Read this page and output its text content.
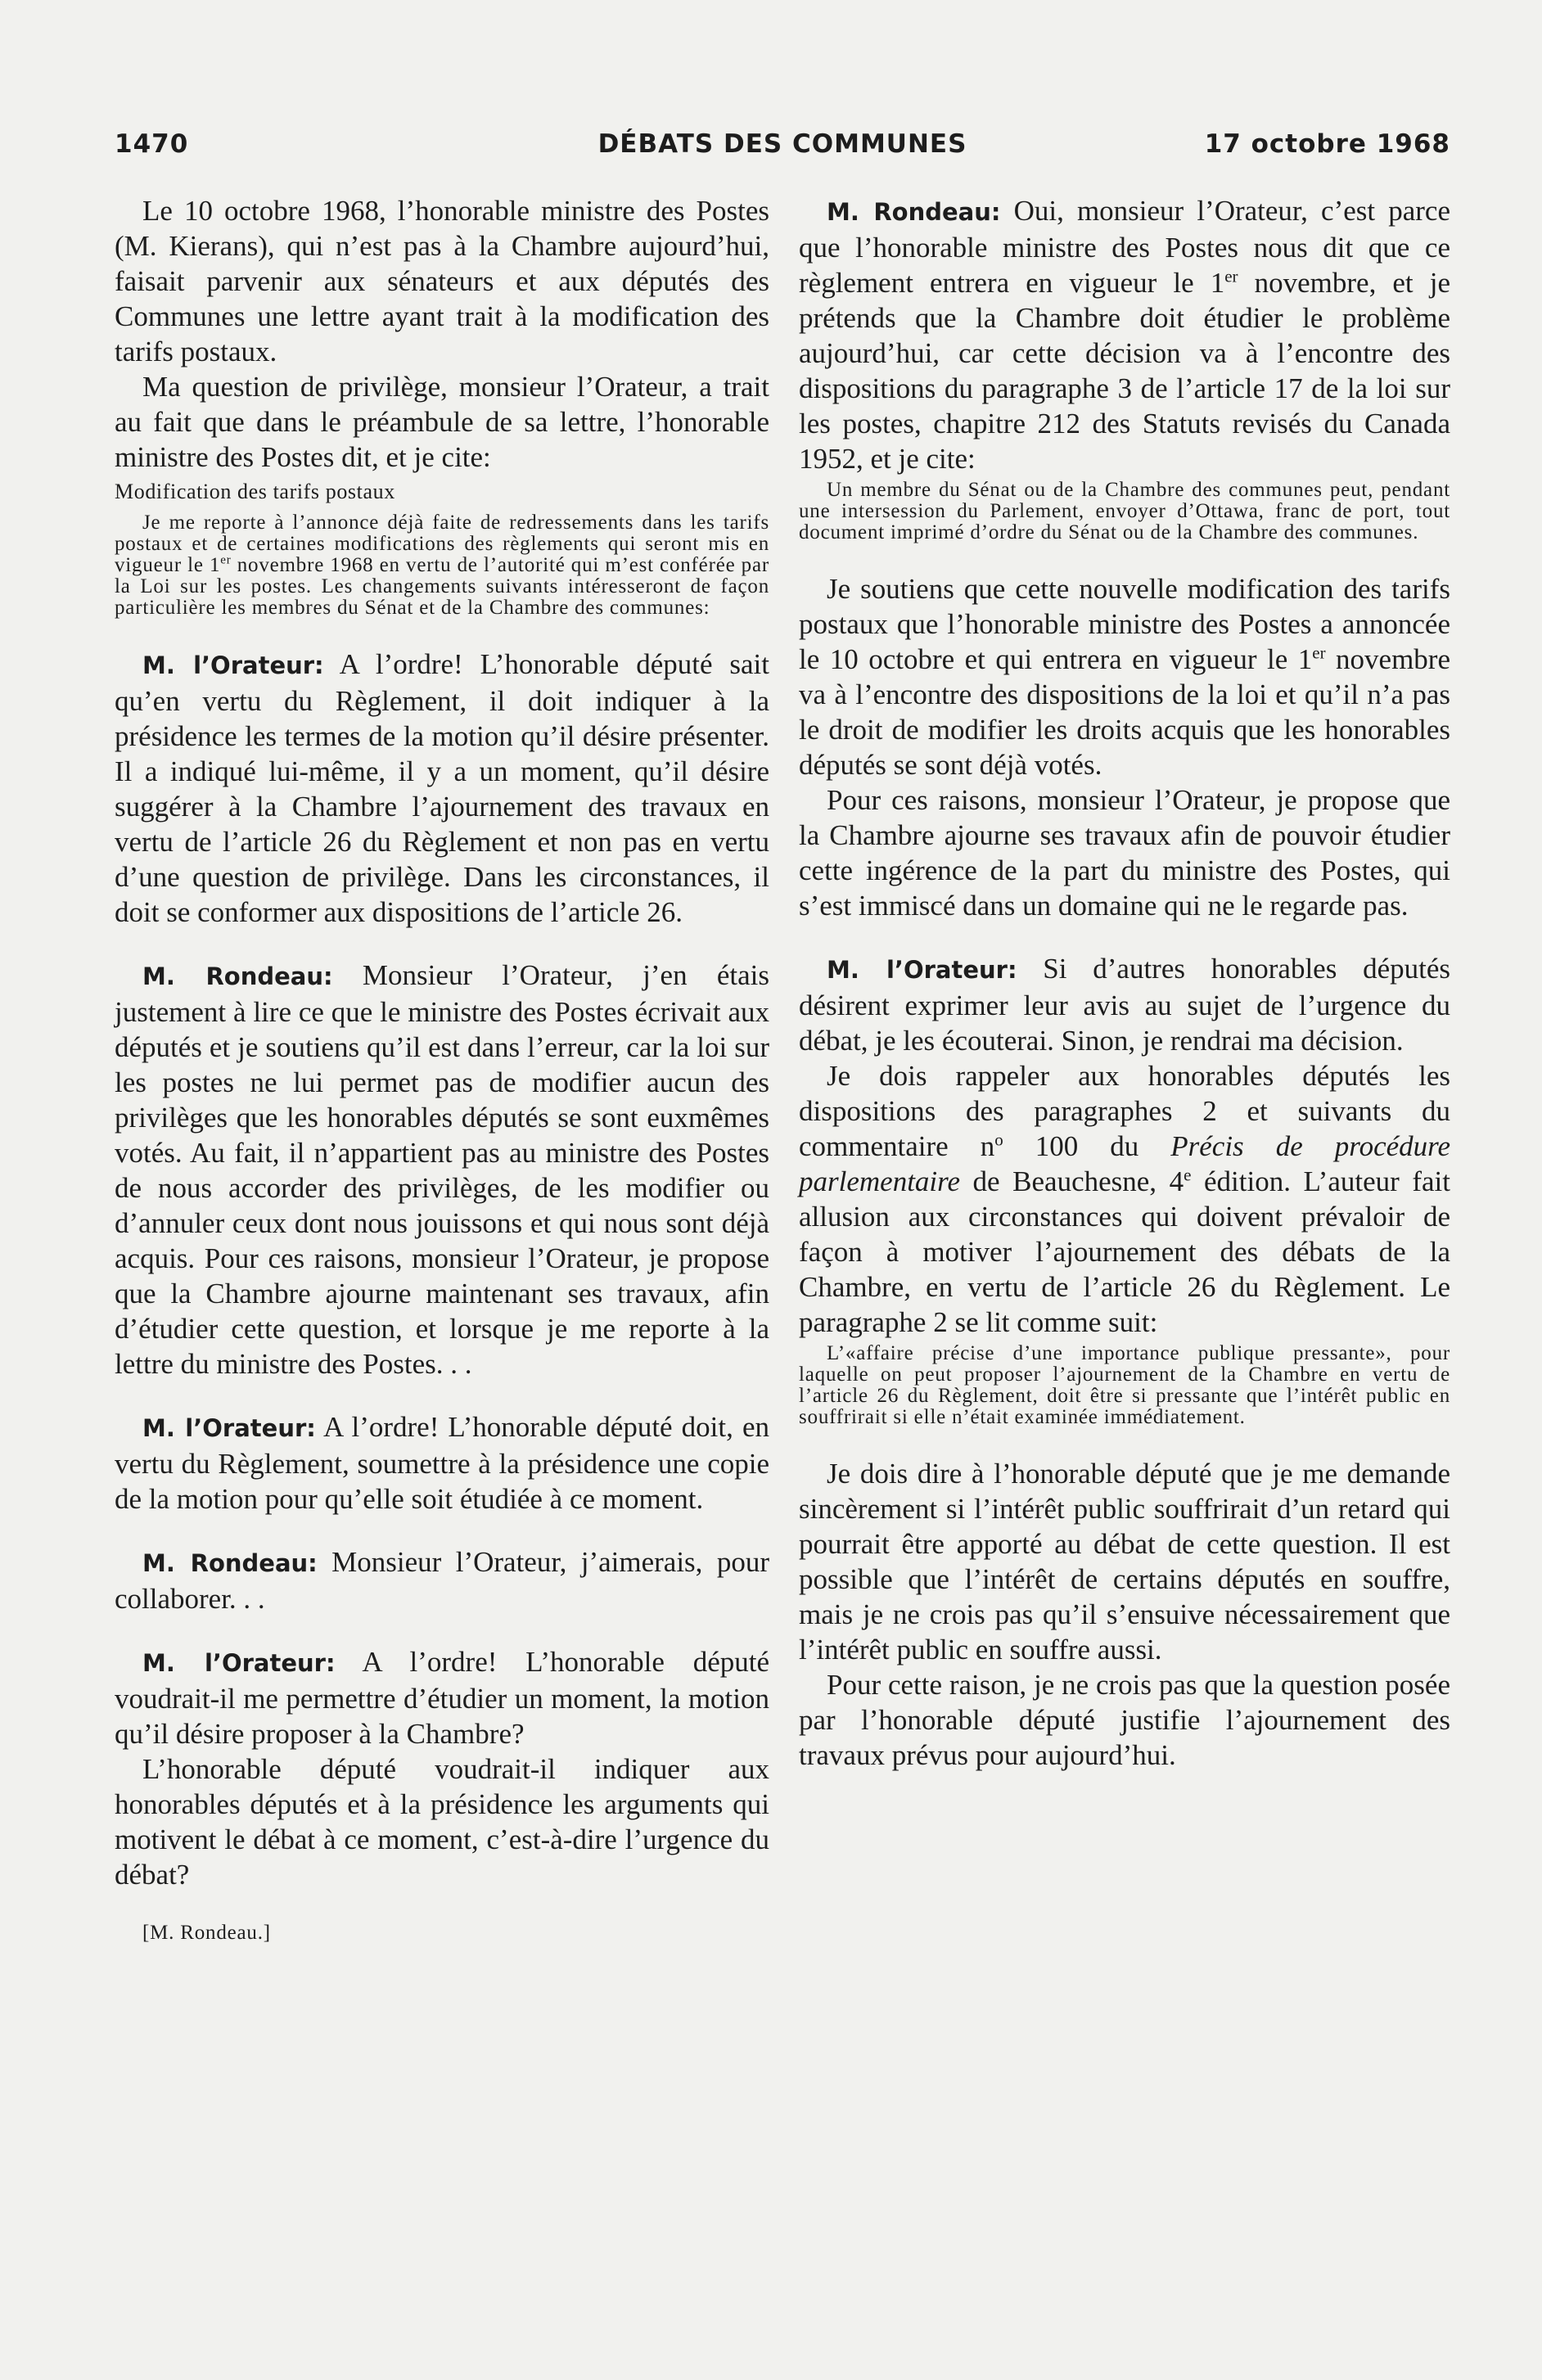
1470	DÉBATS DES COMMUNES	17 octobre 1968

Le 10 octobre 1968, l’honorable ministre des Postes (M. Kierans), qui n’est pas à la Chambre aujourd’hui, faisait parvenir aux sénateurs et aux députés des Communes une lettre ayant trait à la modification des tarifs postaux.

Ma question de privilège, monsieur l’Orateur, a trait au fait que dans le préambule de sa lettre, l’honorable ministre des Postes dit, et je cite:

Modification des tarifs postaux

Je me reporte à l’annonce déjà faite de redressements dans les tarifs postaux et de certaines modifications des règlements qui seront mis en vigueur le 1er novembre 1968 en vertu de l’autorité qui m’est conférée par la Loi sur les postes. Les changements suivants intéresseront de façon particulière les membres du Sénat et de la Chambre des communes:

M. l’Orateur: A l’ordre! L’honorable député sait qu’en vertu du Règlement, il doit indiquer à la présidence les termes de la motion qu’il désire présenter. Il a indiqué lui-même, il y a un moment, qu’il désire suggérer à la Chambre l’ajournement des travaux en vertu de l’article 26 du Règlement et non pas en vertu d’une question de privilège. Dans les circonstances, il doit se conformer aux dispositions de l’article 26.

M. Rondeau: Monsieur l’Orateur, j’en étais justement à lire ce que le ministre des Postes écrivait aux députés et je soutiens qu’il est dans l’erreur, car la loi sur les postes ne lui permet pas de modifier aucun des privilèges que les honorables députés se sont euxmêmes votés. Au fait, il n’appartient pas au ministre des Postes de nous accorder des privilèges, de les modifier ou d’annuler ceux dont nous jouissons et qui nous sont déjà acquis. Pour ces raisons, monsieur l’Orateur, je propose que la Chambre ajourne maintenant ses travaux, afin d’étudier cette question, et lorsque je me reporte à la lettre du ministre des Postes. . .

M. l’Orateur: A l’ordre! L’honorable député doit, en vertu du Règlement, soumettre à la présidence une copie de la motion pour qu’elle soit étudiée à ce moment.

M. Rondeau: Monsieur l’Orateur, j’aimerais, pour collaborer. . .

M. l’Orateur: A l’ordre! L’honorable député voudrait-il me permettre d’étudier un moment, la motion qu’il désire proposer à la Chambre?

L’honorable député voudrait-il indiquer aux honorables députés et à la présidence les arguments qui motivent le débat à ce moment, c’est-à-dire l’urgence du débat?

[M. Rondeau.]

M. Rondeau: Oui, monsieur l’Orateur, c’est parce que l’honorable ministre des Postes nous dit que ce règlement entrera en vigueur le 1er novembre, et je prétends que la Chambre doit étudier le problème aujourd’hui, car cette décision va à l’encontre des dispositions du paragraphe 3 de l’article 17 de la loi sur les postes, chapitre 212 des Statuts revisés du Canada 1952, et je cite:

Un membre du Sénat ou de la Chambre des communes peut, pendant une intersession du Parlement, envoyer d’Ottawa, franc de port, tout document imprimé d’ordre du Sénat ou de la Chambre des communes.

Je soutiens que cette nouvelle modification des tarifs postaux que l’honorable ministre des Postes a annoncée le 10 octobre et qui entrera en vigueur le 1er novembre va à l’encontre des dispositions de la loi et qu’il n’a pas le droit de modifier les droits acquis que les honorables députés se sont déjà votés.

Pour ces raisons, monsieur l’Orateur, je propose que la Chambre ajourne ses travaux afin de pouvoir étudier cette ingérence de la part du ministre des Postes, qui s’est immiscé dans un domaine qui ne le regarde pas.

M. l’Orateur: Si d’autres honorables députés désirent exprimer leur avis au sujet de l’urgence du débat, je les écouterai. Sinon, je rendrai ma décision.

Je dois rappeler aux honorables députés les dispositions des paragraphes 2 et suivants du commentaire $n^o$ 100 du Précis de procédure parlementaire de Beauchesne, 4e édition. L’auteur fait allusion aux circonstances qui doivent prévaloir de façon à motiver l’ajournement des débats de la Chambre, en vertu de l’article 26 du Règlement. Le paragraphe 2 se lit comme suit:

L’«affaire précise d’une importance publique pressante», pour laquelle on peut proposer l’ajournement de la Chambre en vertu de l’article 26 du Règlement, doit être si pressante que l’intérêt public en souffrirait si elle n’était examinée immédiatement.

Je dois dire à l’honorable député que je me demande sincèrement si l’intérêt public souffrirait d’un retard qui pourrait être apporté au débat de cette question. Il est possible que l’intérêt de certains députés en souffre, mais je ne crois pas qu’il s’ensuive nécessairement que l’intérêt public en souffre aussi.

Pour cette raison, je ne crois pas que la question posée par l’honorable député justifie l’ajournement des travaux prévus pour aujourd’hui.
